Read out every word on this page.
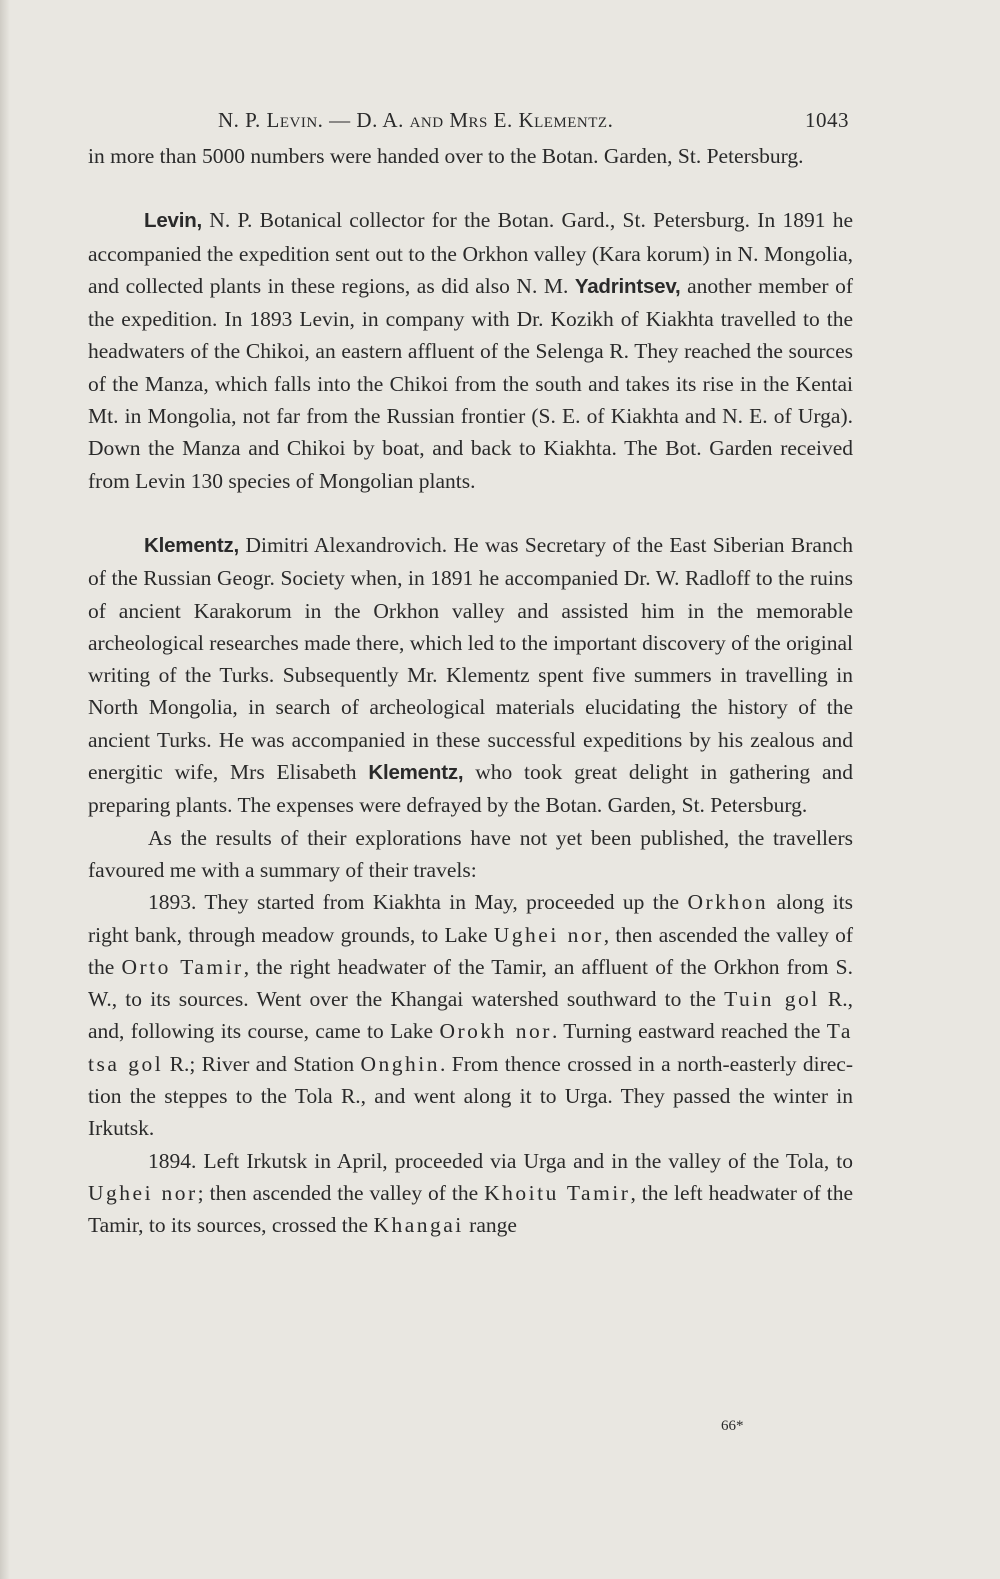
N. P. Levin. — D. A. and Mrs E. Klementz.	1043

in more than 5000 numbers were handed over to the Botan. Garden, St. Petersburg.

Levin, N. P. Botanical collector for the Botan. Gard., St. Petersburg. In 1891 he accompanied the expedition sent out to the Orkhon valley (Kara korum) in N. Mongolia, and collected plants in these regions, as did also N. M. Yadrintsev, another member of the expedition. In 1893 Levin, in company with Dr. Kozikh of Kiakhta travelled to the headwaters of the Chikoi, an eastern affluent of the Selenga R. They reached the sources of the Manza, which falls into the Chikoi from the south and takes its rise in the Kentai Mt. in Mongolia, not far from the Russian frontier (S. E. of Kiakhta and N. E. of Urga). Down the Manza and Chikoi by boat, and back to Kiakhta. The Bot. Garden received from Levin 130 species of Mongolian plants.

Klementz, Dimitri Alexandrovich. He was Secretary of the East Siberian Branch of the Russian Geogr. Society when, in 1891 he accompanied Dr. W. Radloff to the ruins of ancient Karakorum in the Orkhon valley and assisted him in the memorable archeological researches made there, which led to the important discovery of the original writing of the Turks. Subsequently Mr. Klementz spent five summers in travelling in North Mongolia, in search of archeological materials elucidating the history of the ancient Turks. He was accompanied in these successful expeditions by his zealous and energitic wife, Mrs Elisabeth Klementz, who took great delight in gathering and preparing plants. The expenses were defrayed by the Botan. Garden, St. Petersburg.

As the results of their explorations have not yet been published, the travellers favoured me with a summary of their travels:

1893. They started from Kiakhta in May, proceeded up the Orkhon along its right bank, through meadow grounds, to Lake Ughei nor, then ascended the valley of the Orto Tamir, the right headwater of the Tamir, an affluent of the Orkhon from S. W., to its sources. Went over the Khangai watershed southward to the Tuin gol R., and, following its course, came to Lake Orokh nor. Turning eastward reached the Ta tsa gol R.; River and Station Onghin. From thence crossed in a north-easterly direction the steppes to the Tola R., and went along it to Urga. They passed the winter in Irkutsk.

1894. Left Irkutsk in April, proceeded via Urga and in the valley of the Tola, to Ughei nor; then ascended the valley of the Khoitu Tamir, the left headwater of the Tamir, to its sources, crossed the Khangai range

66*
